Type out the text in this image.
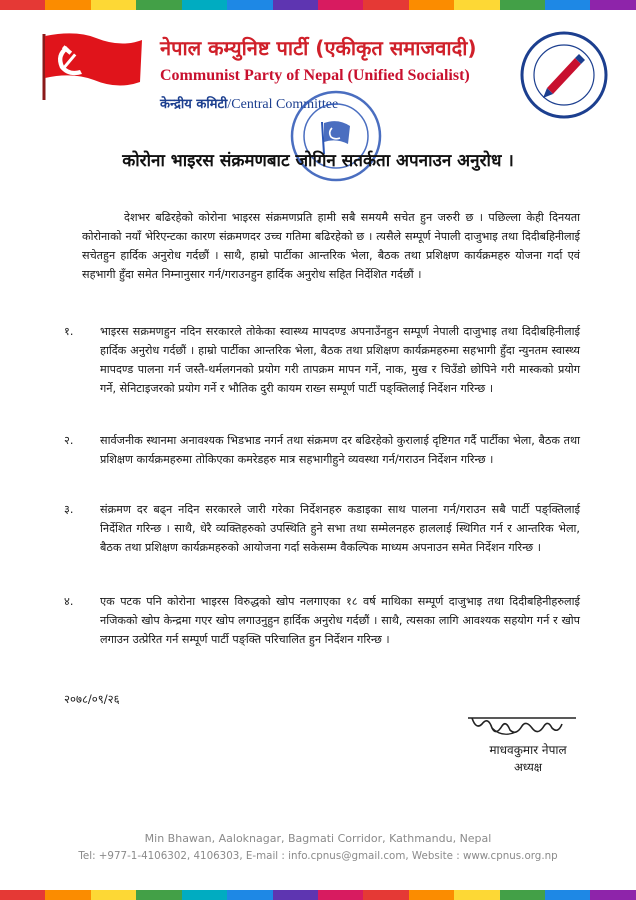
नेपाल कम्युनिष्ट पार्टी (एकीकृत समाजवादी)
Communist Party of Nepal (Unified Socialist)
केन्द्रीय कमिटी/Central Committee
कोरोना भाइरस संक्रमणबाट जोगिन सतर्कता अपनाउन अनुरोध ।
देशभर बढिरहेको कोरोना भाइरस संक्रमणप्रति हामी सबै समयमै सचेत हुन जरुरी छ । पछिल्ला केही दिनयता कोरोनाको नयाँ भेरिएन्टका कारण संक्रमणदर उच्च गतिमा बढिरहेको छ । त्यसैले सम्पूर्ण नेपाली दाजुभाइ तथा दिदीबहिनीलाई सचेतहुन हार्दिक अनुरोध गर्दछौं । साथै, हाम्रो पार्टीका आन्तरिक भेला, बैठक तथा प्रशिक्षण कार्यक्रमहरु योजना गर्दा एवं सहभागी हुँदा समेत निम्नानुसार गर्न/गराउनहुन हार्दिक अनुरोध सहित निर्देशित गर्दछौं ।
१.	भाइरस सक्रमणहुन नदिन सरकारले तोकेका स्वास्थ्य मापदण्ड अपनाउँनहुन सम्पूर्ण नेपाली दाजुभाइ तथा दिदीबहिनीलाई हार्दिक अनुरोध गर्दछौं । हाम्रो पार्टीका आन्तरिक भेला, बैठक तथा प्रशिक्षण कार्यक्रमहरुमा सहभागी हुँदा न्युनतम स्वास्थ्य मापदण्ड पालना गर्न जस्तै-थर्मलगनको प्रयोग गरी तापक्रम मापन गर्ने, नाक, मुख र चिउँडो छोपिने गरी मास्कको प्रयोग गर्ने, सेनिटाइजरको प्रयोग गर्ने र भौतिक दुरी कायम राख्न सम्पूर्ण पार्टी पङ्क्तिलाई निर्देशन गरिन्छ ।
२.	सार्वजनीक स्थानमा अनावश्यक भिडभाड नगर्न तथा संक्रमण दर बढिरहेको कुरालाई दृष्टिगत गर्दै पार्टीका भेला, बैठक तथा प्रशिक्षण कार्यक्रमहरुमा तोकिएका कमरेडहरु मात्र सहभागीहुने व्यवस्था गर्न/गराउन निर्देशन गरिन्छ ।
३.	संक्रमण दर बढ्न नदिन सरकारले जारी गरेका निर्देशनहरु कडाइका साथ पालना गर्न/गराउन सबै पार्टी पङ्क्तिलाई निर्देशित गरिन्छ । साथै, धेरै व्यक्तिहरुको उपस्थिति हुने सभा तथा सम्मेलनहरु हाललाई स्थिगित गर्न र आन्तरिक भेला, बैठक तथा प्रशिक्षण कार्यक्रमहरुको आयोजना गर्दा सकेसम्म वैकल्पिक माध्यम अपनाउन समेत निर्देशन गरिन्छ ।
४.	एक पटक पनि कोरोना भाइरस विरुद्धको खोप नलगाएका १८ वर्ष माथिका सम्पूर्ण दाजुभाइ तथा दिदीबहिनीहरुलाई नजिकको खोप केन्द्रमा गएर खोप लगाउनुहुन हार्दिक अनुरोध गर्दछौं । साथै, त्यसका लागि आवश्यक सहयोग गर्न र खोप लगाउन उत्प्रेरित गर्न सम्पूर्ण पार्टी पङ्क्ति परिचालित हुन निर्देशन गरिन्छ ।
२०७८/०९/२६
माधवकुमार नेपाल
अध्यक्ष
Min Bhawan, Aaloknagar, Bagmati Corridor, Kathmandu, Nepal
Tel: +977-1-4106302, 4106303, E-mail : info.cpnus@gmail.com, Website : www.cpnus.org.np
